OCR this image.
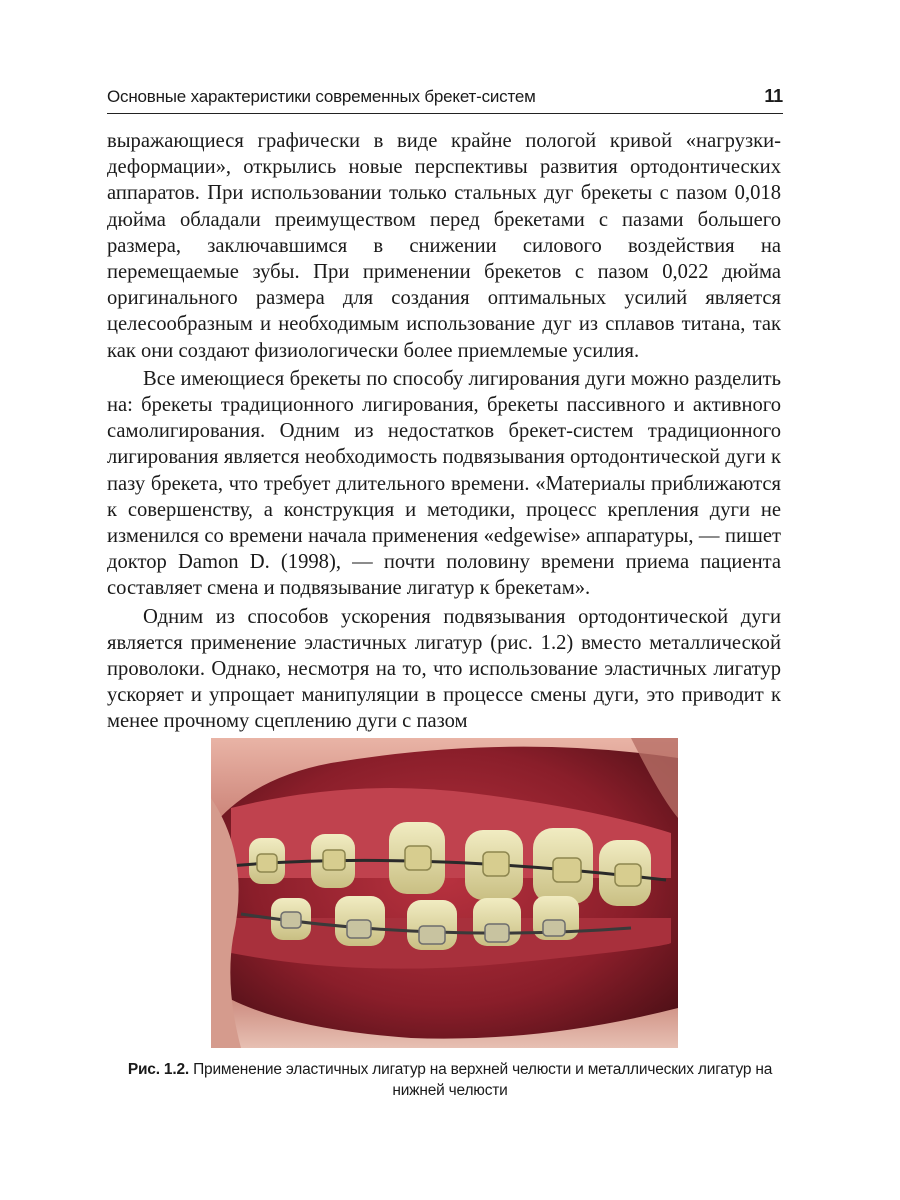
Основные характеристики современных брекет-систем	11

выражающиеся графически в виде крайне пологой кривой «нагрузки-деформации», открылись новые перспективы развития ортодонтических аппаратов. При использовании только стальных дуг брекеты с пазом 0,018 дюйма обладали преимуществом перед брекетами с пазами большего размера, заключавшимся в снижении силового воздействия на перемещаемые зубы. При применении брекетов с пазом 0,022 дюйма оригинального размера для создания оптимальных усилий является целесообразным и необходимым использование дуг из сплавов титана, так как они создают физиологически более приемлемые усилия.

Все имеющиеся брекеты по способу лигирования дуги можно разделить на: брекеты традиционного лигирования, брекеты пассивного и активного самолигирования. Одним из недостатков брекет-систем традиционного лигирования является необходимость подвязывания ортодонтической дуги к пазу брекета, что требует длительного времени. «Материалы приближаются к совершенству, а конструкция и методики, процесс крепления дуги не изменился со времени начала применения «edgewise» аппаратуры, — пишет доктор Damon D. (1998), — почти половину времени приема пациента составляет смена и подвязывание лигатур к брекетам».

Одним из способов ускорения подвязывания ортодонтической дуги является применение эластичных лигатур (рис. 1.2) вместо металлической проволоки. Однако, несмотря на то, что использование эластичных лигатур ускоряет и упрощает манипуляции в процессе смены дуги, это приводит к менее прочному сцеплению дуги с пазом

Рис. 1.2. Применение эластичных лигатур на верхней челюсти и металлических лигатур на нижней челюсти
